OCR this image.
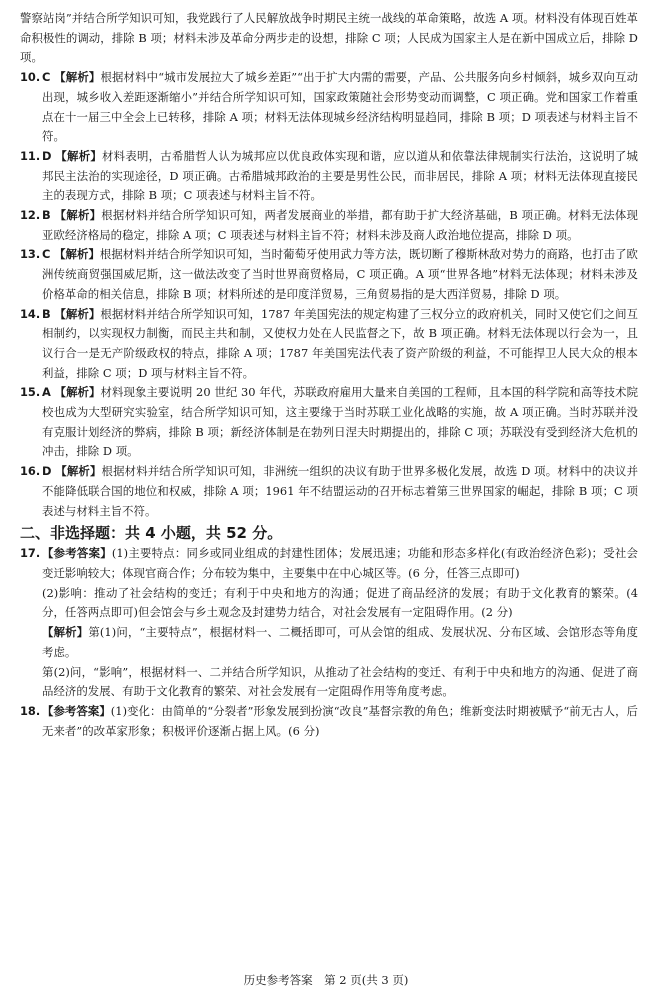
警察站岗”并结合所学知识可知，我党践行了人民解放战争时期民主统一战线的革命策略，故选 A 项。材料没有体现百姓革命积极性的调动，排除 B 项；材料未涉及革命分两步走的设想，排除 C 项；人民成为国家主人是在新中国成立后，排除 D 项。

10. C 【解析】根据材料中“城市发展拉大了城乡差距”“出于扩大内需的需要，产品、公共服务向乡村倾斜，城乡双向互动出现，城乡收入差距逐渐缩小”并结合所学知识可知，国家政策随社会形势变动而调整，C 项正确。党和国家工作着重点在十一届三中全会上已转移，排除 A 项；材料无法体现城乡经济结构明显趋同，排除 B 项；D 项表述与材料主旨不符。

11. D 【解析】材料表明，古希腊哲人认为城邦应以优良政体实现和谐，应以道从和依靠法律规制实行法治，这说明了城邦民主法治的实现途径，D 项正确。古希腊城邦政治的主要是男性公民，而非居民，排除 A 项；材料无法体现直接民主的表现方式，排除 B 项；C 项表述与材料主旨不符。

12. B 【解析】根据材料并结合所学知识可知，两者发展商业的举措，都有助于扩大经济基础，B 项正确。材料无法体现亚欧经济格局的稳定，排除 A 项；C 项表述与材料主旨不符；材料未涉及商人政治地位提高，排除 D 项。

13. C 【解析】根据材料并结合所学知识可知，当时葡萄牙使用武力等方法，既切断了穆斯林敌对势力的商路，也打击了欧洲传统商贸强国威尼斯，这一做法改变了当时世界商贸格局，C 项正确。A 项“世界各地”材料无法体现；材料未涉及价格革命的相关信息，排除 B 项；材料所述的是印度洋贸易，三角贸易指的是大西洋贸易，排除 D 项。

14. B 【解析】根据材料并结合所学知识可知，1787 年美国宪法的规定构建了三权分立的政府机关，同时又使它们之间互相制约，以实现权力制衡，而民主共和制，又使权力处在人民监督之下，故 B 项正确。材料无法体现以行会为一，且议行合一是无产阶级政权的特点，排除 A 项；1787 年美国宪法代表了资产阶级的利益，不可能捍卫人民大众的根本利益，排除 C 项；D 项与材料主旨不符。

15. A 【解析】材料现象主要说明 20 世纪 30 年代，苏联政府雇用大量来自美国的工程师，且本国的科学院和高等技术院校也成为大型研究实验室，结合所学知识可知，这主要缘于当时苏联工业化战略的实施，故 A 项正确。当时苏联并没有克服计划经济的弊病，排除 B 项；新经济体制是在勃列日涅夫时期提出的，排除 C 项；苏联没有受到经济大危机的冲击，排除 D 项。

16. D 【解析】根据材料并结合所学知识可知，非洲统一组织的决议有助于世界多极化发展，故选 D 项。材料中的决议并不能降低联合国的地位和权威，排除 A 项；1961 年不结盟运动的召开标志着第三世界国家的崛起，排除 B 项；C 项表述与材料主旨不符。

二、非选择题：共 4 小题，共 52 分。
17. 【参考答案】(1)主要特点：同乡或同业组成的封建性团体；发展迅速；功能和形态多样化(有政治经济色彩)；受社会变迁影响较大；体现官商合作；分布较为集中，主要集中在中心城区等。(6 分，任答三点即可)

(2)影响：推动了社会结构的变迁；有利于中央和地方的沟通；促进了商品经济的发展；有助于文化教育的繁荣。(4 分，任答两点即可)但会馆会与乡土观念及封建势力结合，对社会发展有一定阻碍作用。(2 分)

【解析】第(1)问，“主要特点”，根据材料一、二概括即可，可从会馆的组成、发展状况、分布区域、会馆形态等角度考虑。

第(2)问，“影响”，根据材料一、二并结合所学知识，从推动了社会结构的变迁、有利于中央和地方的沟通、促进了商品经济的发展、有助于文化教育的繁荣、对社会发展有一定阻碍作用等角度考虑。

18. 【参考答案】(1)变化：由简单的“分裂者”形象发展到扮演“改良”基督宗教的角色；维新变法时期被赋予“前无古人，后无来者”的改革家形象；积极评价逐渐占据上风。(6 分)

历史参考答案　第 2 页(共 3 页)
